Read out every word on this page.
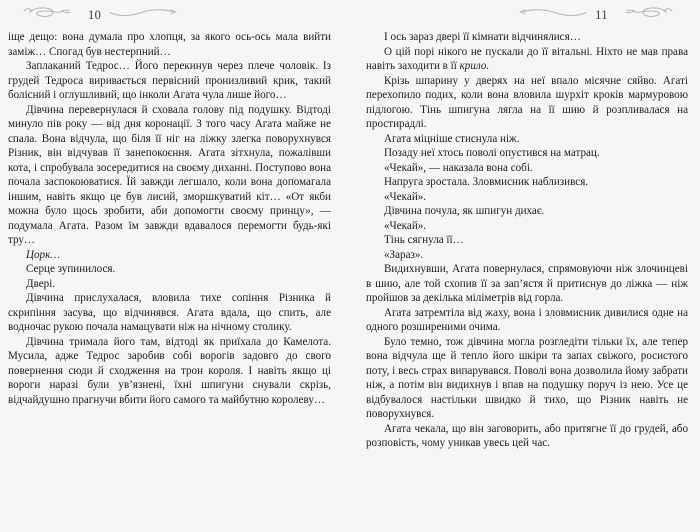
10

іще дещо: вона думала про хлопця, за якого ось-ось мала вийти заміж… Спогад був нестерпний…

Заплаканий Тедрос… Його перекинув через плече чоловік. Із грудей Тедроса виривається первісний пронизливий крик, такий болісний і оглушливий, що інколи Агата чула лише його…

Дівчина перевернулася й сховала голову під подушку. Відтоді минуло пів року — від дня коронації. З того часу Агата майже не спала. Вона відчула, що біля її ніг на ліжку злегка поворухнувся Різник, він відчував її занепокоєння. Агата зітхнула, пожалівши кота, і спробувала зосередитися на своєму диханні. Поступово вона почала заспокоюватися. Їй завжди легшало, коли вона допомагала іншим, навіть якщо це був лисий, зморшкуватий кіт… «От якби можна було щось зробити, аби допомогти своєму принцу», — подумала Агата. Разом їм завжди вдавалося перемогти будь-які тру…

Цорк…

Серце зупинилося.

Двері.

Дівчина прислухалася, вловила тихе сопіння Різника й скрипіння засува, що відчинявся. Агата вдала, що спить, але водночас рукою почала намацувати ніж на нічному столику.

Дівчина тримала його там, відтоді як приїхала до Камелота. Мусила, адже Тедрос заробив собі ворогів задовго до свого повернення сюди й сходження на трон короля. І навіть якщо ці вороги наразі були ув’язнені, їхні шпигуни снували скрізь, відчайдушно прагнучи вбити його самого та майбутню королеву…

11

І ось зараз двері її кімнати відчинялися…

О цій порі нікого не пускали до її вітальні. Ніхто не мав права навіть заходити в її крило.

Крізь шпарину у дверях на неї впало місячне сяйво. Агаті перехопило подих, коли вона вловила шурхіт кроків мармуровою підлогою. Тінь шпигуна лягла на її шию й розпливалася на простирадлі.

Агата міцніше стиснула ніж.

Позаду неї хтось поволі опустився на матрац.

«Чекай», — наказала вона собі.

Напруга зростала. Зловмисник наблизився.

«Чекай».

Дівчина почула, як шпигун дихає.

«Чекай».

Тінь сягнула її…

«Зараз».

Видихнувши, Агата повернулася, спрямовуючи ніж злочинцеві в шию, але той схопив її за зап’ястя й притиснув до ліжка — ніж пройшов за декілька міліметрів від горла.

Агата затремтіла від жаху, вона і зловмисник дивилися одне на одного розширеними очима.

Було темно, тож дівчина могла розгледіти тільки їх, але тепер вона відчула ще й тепло його шкіри та запах свіжого, росистого поту, і весь страх випарувався. Поволі вона дозволила йому забрати ніж, а потім він видихнув і впав на подушку поруч із нею. Усе це відбувалося настільки швидко й тихо, що Різник навіть не поворухнувся.

Агата чекала, що він заговорить, або притягне її до грудей, або розповість, чому уникав увесь цей час.
